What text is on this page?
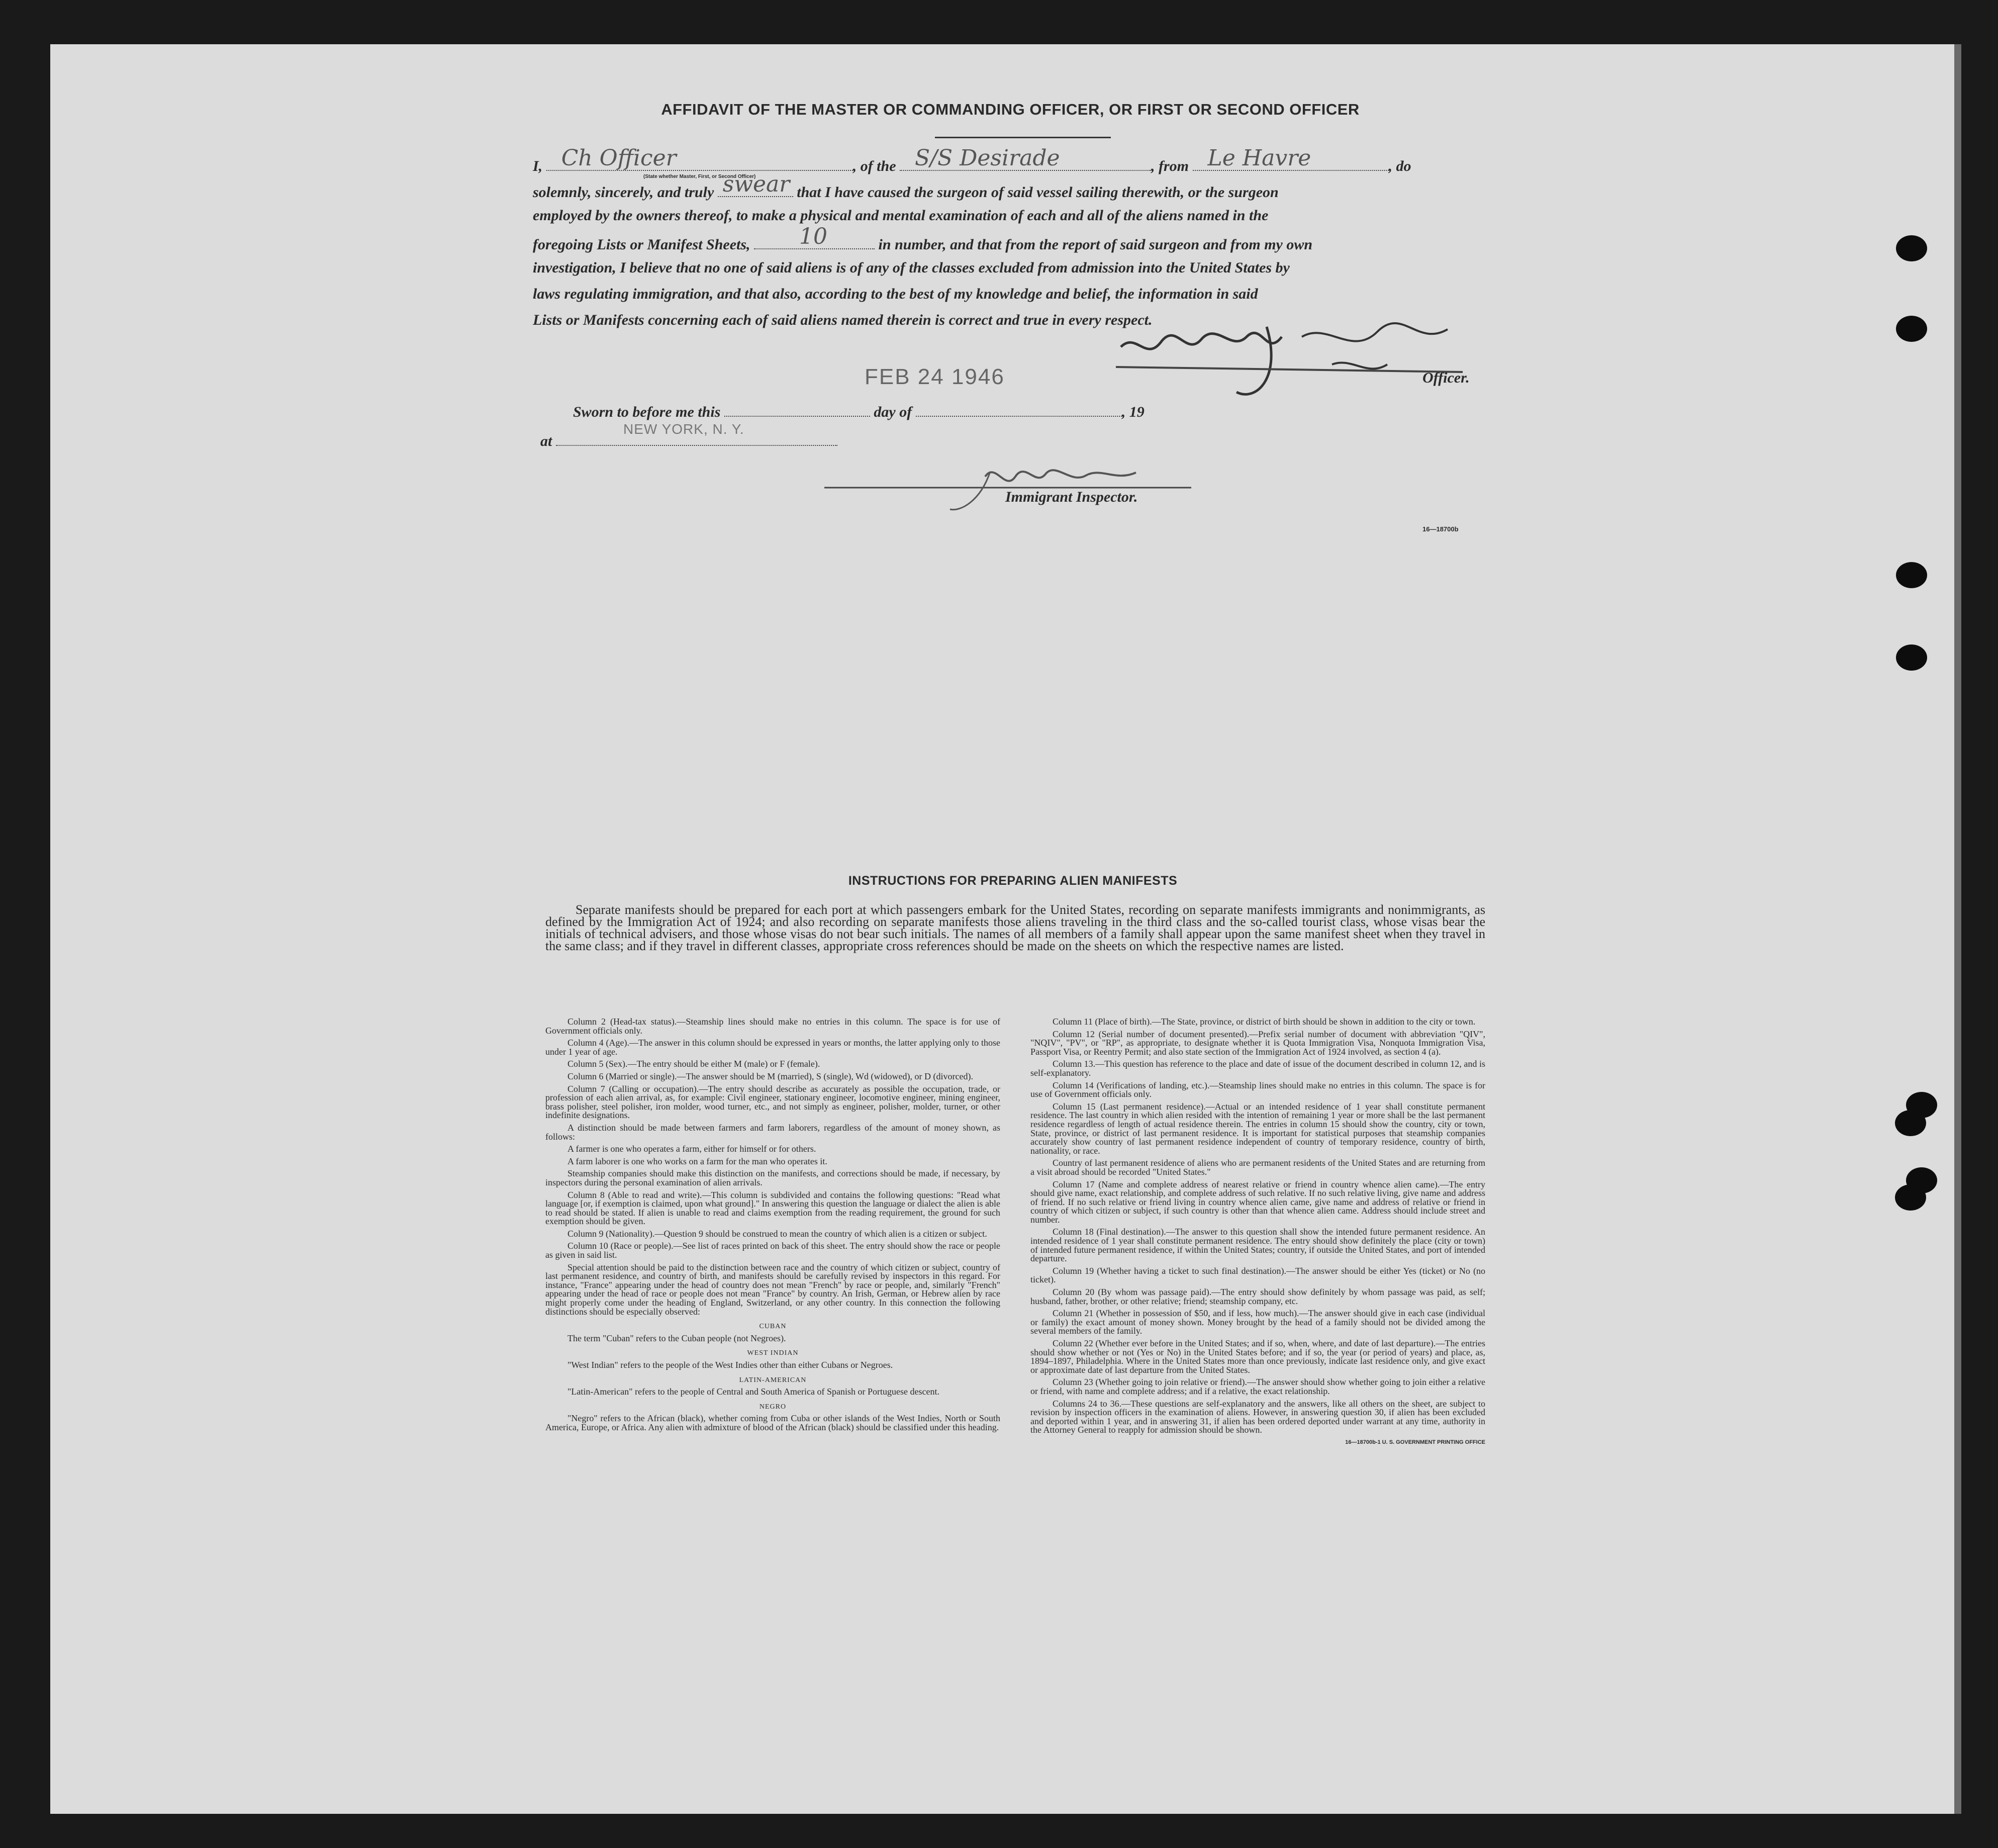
AFFIDAVIT OF THE MASTER OR COMMANDING OFFICER, OR FIRST OR SECOND OFFICER
I, Ch Officer	, of the S/S Desirade	, from Le Havre	, do
(State whether Master, First, or Second Officer)
solemnly, sincerely, and truly swear that I have caused the surgeon of said vessel sailing therewith, or the surgeon
employed by the owners thereof, to make a physical and mental examination of each and all of the aliens named in the
foregoing Lists or Manifest Sheets, 10	in number, and that from the report of said surgeon and from my own
investigation, I believe that no one of said aliens is of any of the classes excluded from admission into the United States by
laws regulating immigration, and that also, according to the best of my knowledge and belief, the information in said
Lists or Manifests concerning each of said aliens named therein is correct and true in every respect.
Officer.
FEB 24 1946
Sworn to before me this	day of	, 19
at
NEW YORK, N. Y.
Immigrant Inspector.
16—18700b
INSTRUCTIONS FOR PREPARING ALIEN MANIFESTS
Separate manifests should be prepared for each port at which passengers embark for the United States, recording on separate manifests immigrants and nonimmigrants, as defined by the Immigration Act of 1924; and also recording on separate manifests those aliens traveling in the third class and the so-called tourist class, whose visas bear the initials of technical advisers, and those whose visas do not bear such initials. The names of all members of a family shall appear upon the same manifest sheet when they travel in the same class; and if they travel in different classes, appropriate cross references should be made on the sheets on which the respective names are listed.

Column 2 (Head-tax status).—Steamship lines should make no entries in this column. The space is for use of Government officials only.

Column 4 (Age).—The answer in this column should be expressed in years or months, the latter applying only to those under 1 year of age.

Column 5 (Sex).—The entry should be either M (male) or F (female).

Column 6 (Married or single).—The answer should be M (married), S (single), Wd (widowed), or D (divorced).

Column 7 (Calling or occupation).—The entry should describe as accurately as possible the occupation, trade, or profession of each alien arrival, as, for example: Civil engineer, stationary engineer, locomotive engineer, mining engineer, brass polisher, steel polisher, iron molder, wood turner, etc., and not simply as engineer, polisher, molder, turner, or other indefinite designations.

A distinction should be made between farmers and farm laborers, regardless of the amount of money shown, as follows:

A farmer is one who operates a farm, either for himself or for others.

A farm laborer is one who works on a farm for the man who operates it.

Steamship companies should make this distinction on the manifests, and corrections should be made, if necessary, by inspectors during the personal examination of alien arrivals.

Column 8 (Able to read and write).—This column is subdivided and contains the following questions: "Read what language [or, if exemption is claimed, upon what ground]." In answering this question the language or dialect the alien is able to read should be stated. If alien is unable to read and claims exemption from the reading requirement, the ground for such exemption should be given.

Column 9 (Nationality).—Question 9 should be construed to mean the country of which alien is a citizen or subject.

Column 10 (Race or people).—See list of races printed on back of this sheet. The entry should show the race or people as given in said list.

Special attention should be paid to the distinction between race and the country of which citizen or subject, country of last permanent residence, and country of birth, and manifests should be carefully revised by inspectors in this regard. For instance, "France" appearing under the head of country does not mean "French" by race or people, and, similarly "French" appearing under the head of race or people does not mean "France" by country. An Irish, German, or Hebrew alien by race might properly come under the heading of England, Switzerland, or any other country. In this connection the following distinctions should be especially observed:

CUBAN

The term "Cuban" refers to the Cuban people (not Negroes).

WEST INDIAN

"West Indian" refers to the people of the West Indies other than either Cubans or Negroes.

LATIN-AMERICAN

"Latin-American" refers to the people of Central and South America of Spanish or Portuguese descent.

NEGRO

"Negro" refers to the African (black), whether coming from Cuba or other islands of the West Indies, North or South America, Europe, or Africa. Any alien with admixture of blood of the African (black) should be classified under this heading.

Column 11 (Place of birth).—The State, province, or district of birth should be shown in addition to the city or town.

Column 12 (Serial number of document presented).—Prefix serial number of document with abbreviation "QIV", "NQIV", "PV", or "RP", as appropriate, to designate whether it is Quota Immigration Visa, Nonquota Immigration Visa, Passport Visa, or Reentry Permit; and also state section of the Immigration Act of 1924 involved, as section 4 (a).

Column 13.—This question has reference to the place and date of issue of the document described in column 12, and is self-explanatory.

Column 14 (Verifications of landing, etc.).—Steamship lines should make no entries in this column. The space is for use of Government officials only.

Column 15 (Last permanent residence).—Actual or an intended residence of 1 year shall constitute permanent residence. The last country in which alien resided with the intention of remaining 1 year or more shall be the last permanent residence regardless of length of actual residence therein. The entries in column 15 should show the country, city or town, State, province, or district of last permanent residence. It is important for statistical purposes that steamship companies accurately show country of last permanent residence independent of country of temporary residence, country of birth, nationality, or race.

Country of last permanent residence of aliens who are permanent residents of the United States and are returning from a visit abroad should be recorded "United States."

Column 17 (Name and complete address of nearest relative or friend in country whence alien came).—The entry should give name, exact relationship, and complete address of such relative. If no such relative living, give name and address of friend. If no such relative or friend living in country whence alien came, give name and address of relative or friend in country of which citizen or subject, if such country is other than that whence alien came. Address should include street and number.

Column 18 (Final destination).—The answer to this question shall show the intended future permanent residence. An intended residence of 1 year shall constitute permanent residence. The entry should show definitely the place (city or town) of intended future permanent residence, if within the United States; country, if outside the United States, and port of intended departure.

Column 19 (Whether having a ticket to such final destination).—The answer should be either Yes (ticket) or No (no ticket).

Column 20 (By whom was passage paid).—The entry should show definitely by whom passage was paid, as self; husband, father, brother, or other relative; friend; steamship company, etc.

Column 21 (Whether in possession of $50, and if less, how much).—The answer should give in each case (individual or family) the exact amount of money shown. Money brought by the head of a family should not be divided among the several members of the family.

Column 22 (Whether ever before in the United States; and if so, when, where, and date of last departure).—The entries should show whether or not (Yes or No) in the United States before; and if so, the year (or period of years) and place, as, 1894–1897, Philadelphia. Where in the United States more than once previously, indicate last residence only, and give exact or approximate date of last departure from the United States.

Column 23 (Whether going to join relative or friend).—The answer should show whether going to join either a relative or friend, with name and complete address; and if a relative, the exact relationship.

Columns 24 to 36.—These questions are self-explanatory and the answers, like all others on the sheet, are subject to revision by inspection officers in the examination of aliens. However, in answering question 30, if alien has been excluded and deported within 1 year, and in answering 31, if alien has been ordered deported under warrant at any time, authority in the Attorney General to reapply for admission should be shown.

16—18700b-1 U. S. GOVERNMENT PRINTING OFFICE
